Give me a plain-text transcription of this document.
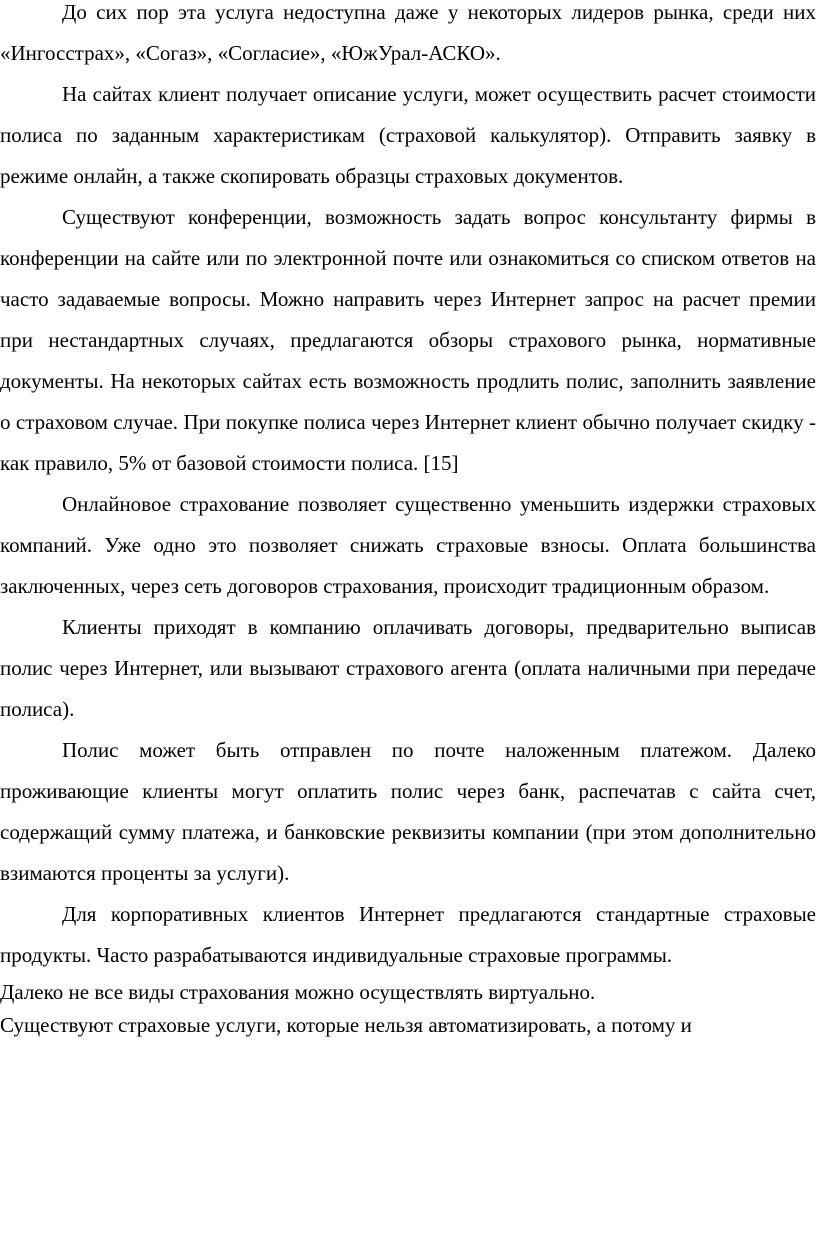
До сих пор эта услуга недоступна даже у некоторых лидеров рынка, среди них «Ингосстрах», «Согаз», «Согласие», «ЮжУрал-АСКО».

На сайтах клиент получает описание услуги, может осуществить расчет стоимости полиса по заданным характеристикам (страховой калькулятор). Отправить заявку в режиме онлайн, а также скопировать образцы страховых документов.

Существуют конференции, возможность задать вопрос консультанту фирмы в конференции на сайте или по электронной почте или ознакомиться со списком ответов на часто задаваемые вопросы. Можно направить через Интернет запрос на расчет премии при нестандартных случаях, предлагаются обзоры страхового рынка, нормативные документы. На некоторых сайтах есть возможность продлить полис, заполнить заявление о страховом случае. При покупке полиса через Интернет клиент обычно получает скидку - как правило, 5% от базовой стоимости полиса. [15]

Онлайновое страхование позволяет существенно уменьшить издержки страховых компаний. Уже одно это позволяет снижать страховые взносы. Оплата большинства заключенных, через сеть договоров страхования, происходит традиционным образом.

Клиенты приходят в компанию оплачивать договоры, предварительно выписав полис через Интернет, или вызывают страхового агента (оплата наличными при передаче полиса).

Полис может быть отправлен по почте наложенным платежом. Далеко проживающие клиенты могут оплатить полис через банк, распечатав с сайта счет, содержащий сумму платежа, и банковские реквизиты компании (при этом дополнительно взимаются проценты за услуги).

Для корпоративных клиентов Интернет предлагаются стандартные страховые продукты. Часто разрабатываются индивидуальные страховые программы.

Далеко не все виды страхования можно осуществлять виртуально.

Существуют страховые услуги, которые нельзя автоматизировать, а потому и
